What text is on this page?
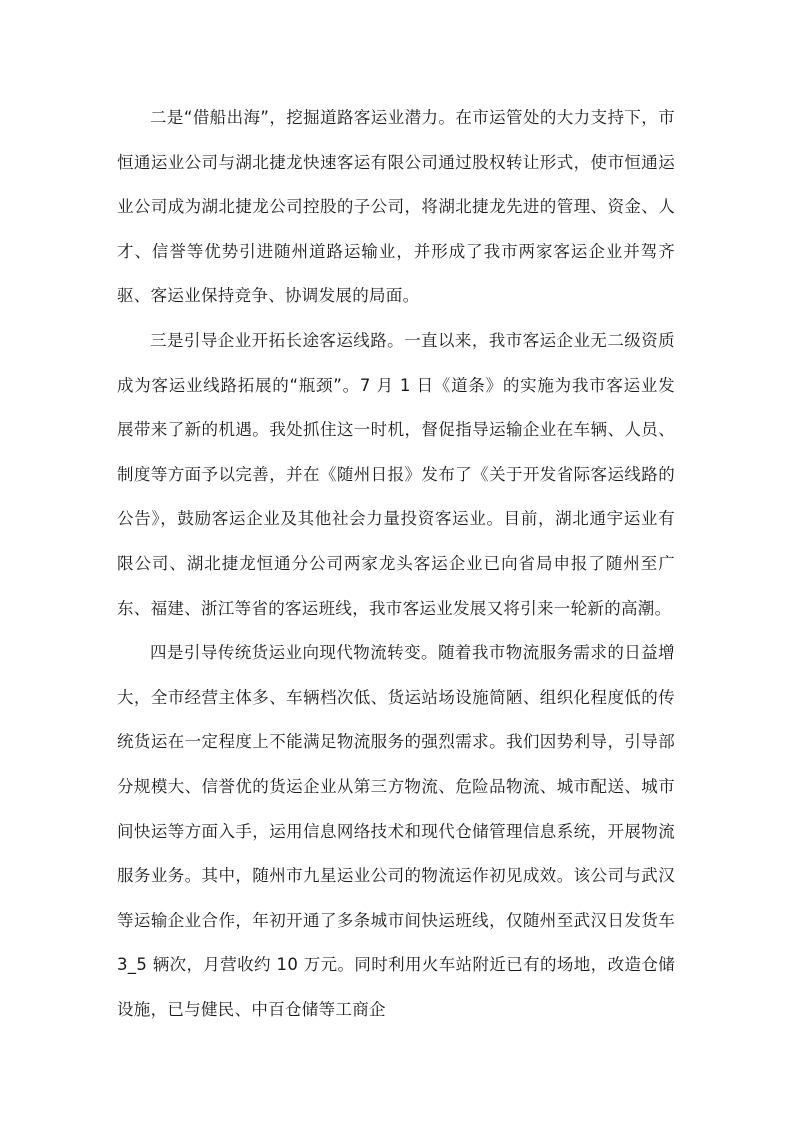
二是“借船出海”，挖掘道路客运业潜力。在市运管处的大力支持下，市恒通运业公司与湖北捷龙快速客运有限公司通过股权转让形式，使市恒通运业公司成为湖北捷龙公司控股的子公司，将湖北捷龙先进的管理、资金、人才、信誉等优势引进随州道路运输业，并形成了我市两家客运企业并驾齐驱、客运业保持竞争、协调发展的局面。

三是引导企业开拓长途客运线路。一直以来，我市客运企业无二级资质成为客运业线路拓展的“瓶颈”。7 月 1 日《道条》的实施为我市客运业发展带来了新的机遇。我处抓住这一时机，督促指导运输企业在车辆、人员、制度等方面予以完善，并在《随州日报》发布了《关于开发省际客运线路的公告》，鼓励客运企业及其他社会力量投资客运业。目前，湖北通宇运业有限公司、湖北捷龙恒通分公司两家龙头客运企业已向省局申报了随州至广东、福建、浙江等省的客运班线，我市客运业发展又将引来一轮新的高潮。

四是引导传统货运业向现代物流转变。随着我市物流服务需求的日益增大，全市经营主体多、车辆档次低、货运站场设施简陋、组织化程度低的传统货运在一定程度上不能满足物流服务的强烈需求。我们因势利导，引导部分规模大、信誉优的货运企业从第三方物流、危险品物流、城市配送、城市间快运等方面入手，运用信息网络技术和现代仓储管理信息系统，开展物流服务业务。其中，随州市九星运业公司的物流运作初见成效。该公司与武汉等运输企业合作，年初开通了多条城市间快运班线，仅随州至武汉日发货车 3_5 辆次，月营收约 10 万元。同时利用火车站附近已有的场地，改造仓储设施，已与健民、中百仓储等工商企
